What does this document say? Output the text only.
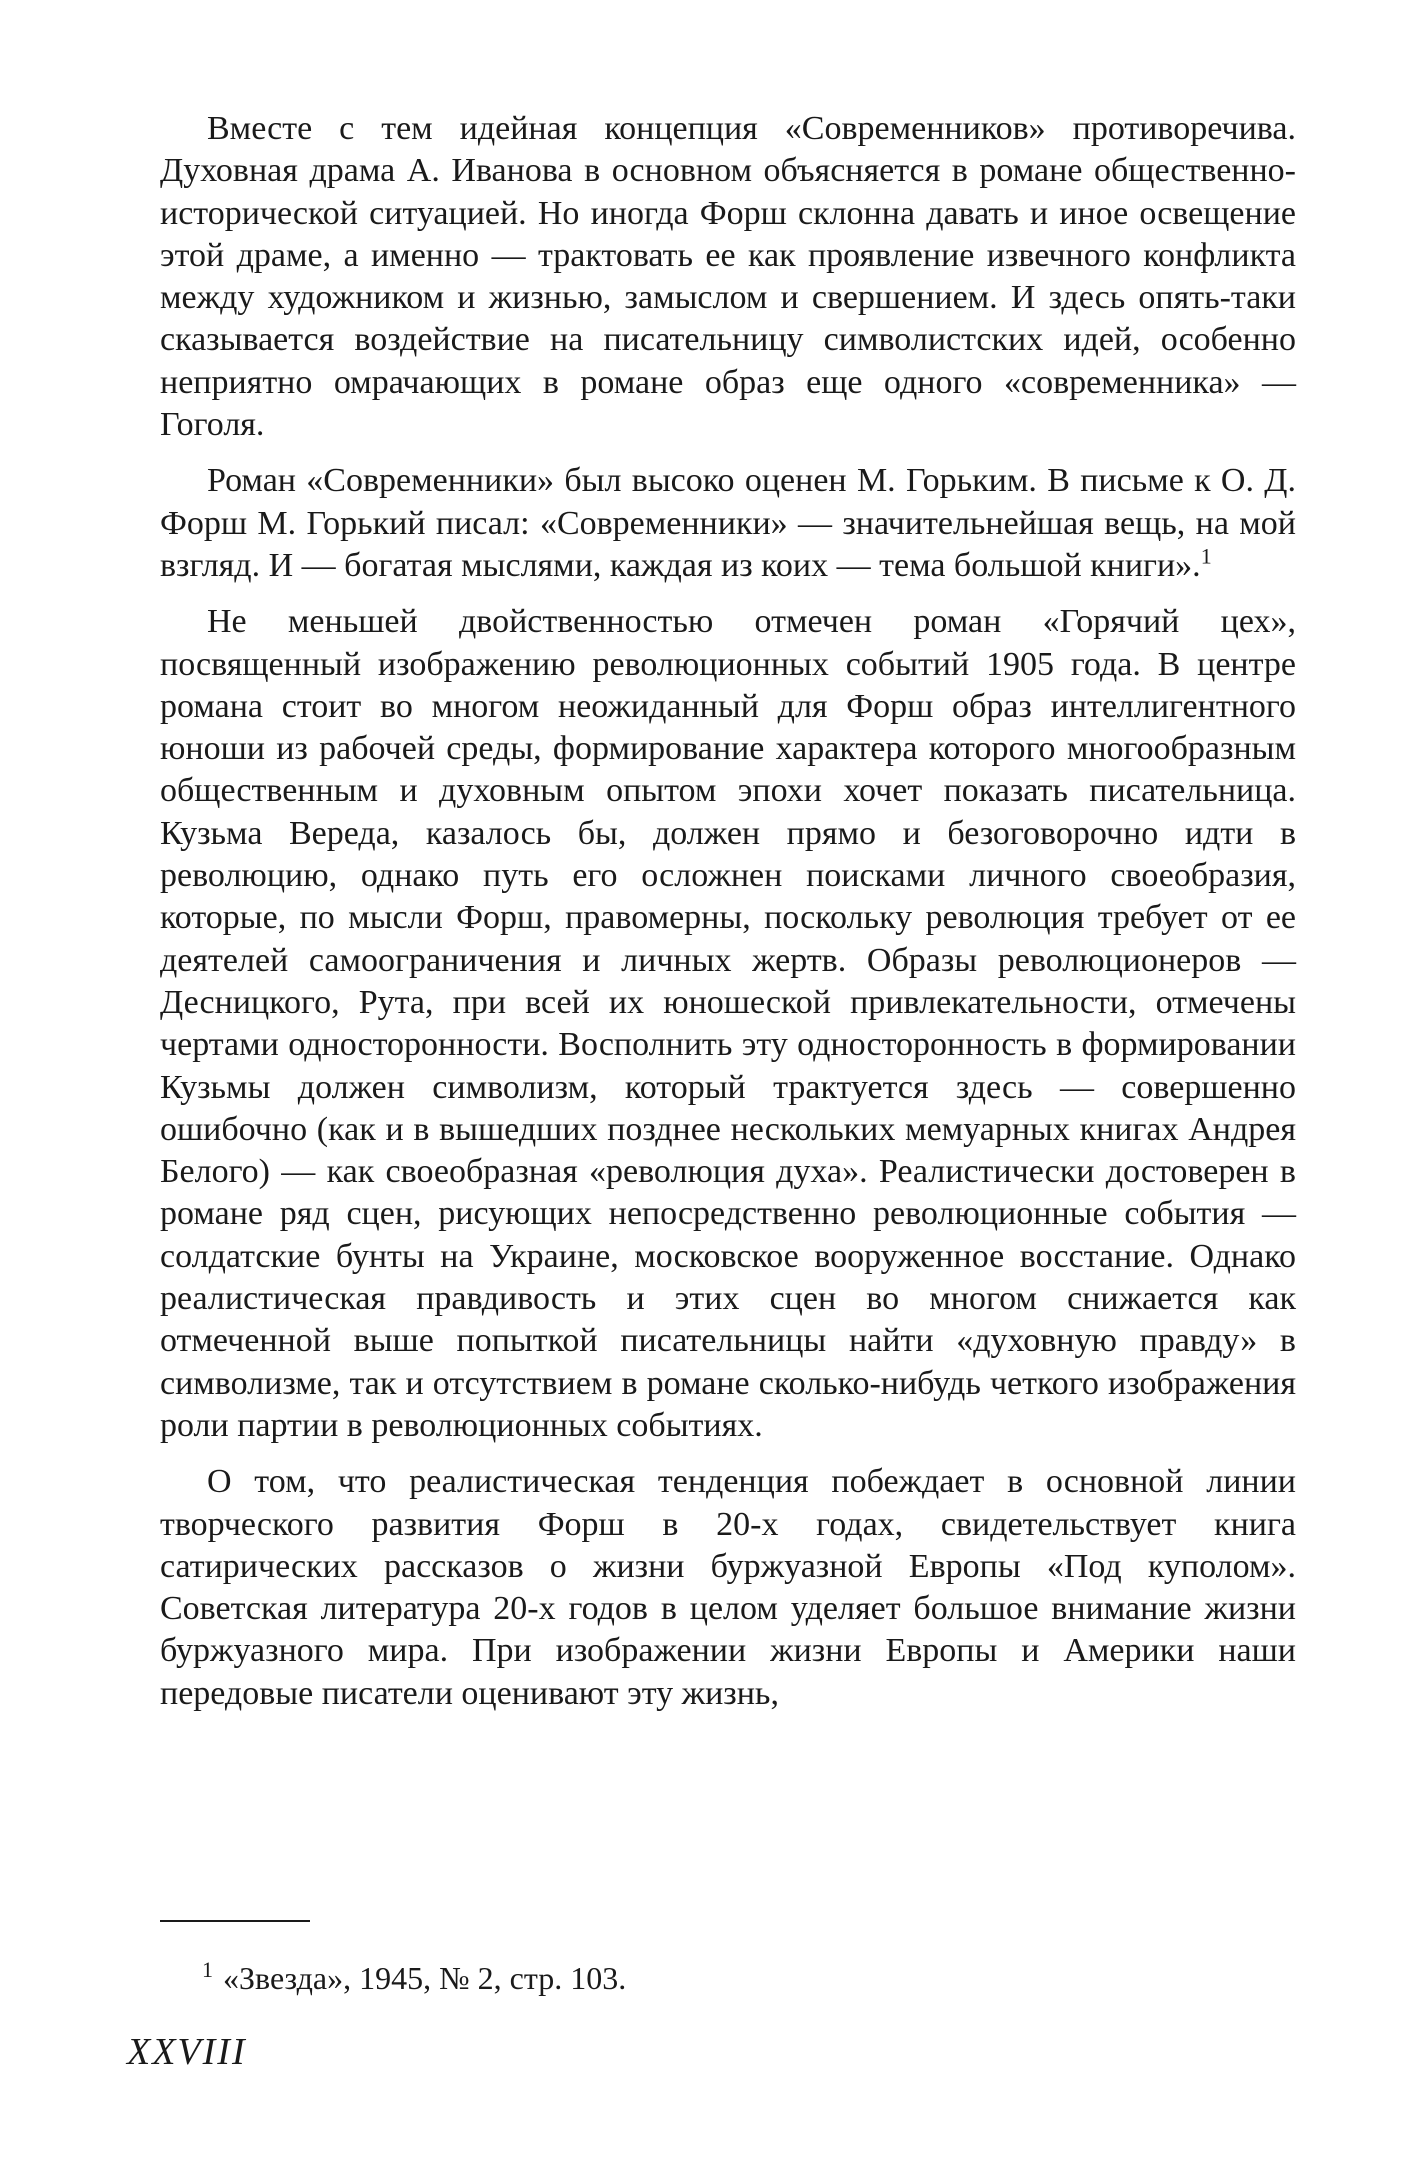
Вместе с тем идейная концепция «Современников» противоречива. Духовная драма А. Иванова в основном объясняется в романе общественно-исторической ситуацией. Но иногда Форш склонна давать и иное освещение этой драме, а именно — трактовать ее как проявление извечного конфликта между художником и жизнью, замыслом и свершением. И здесь опять-таки сказывается воздействие на писательницу символистских идей, особенно неприятно омрачающих в романе образ еще одного «современника» — Гоголя.

Роман «Современники» был высоко оценен М. Горьким. В письме к О. Д. Форш М. Горький писал: «Современники» — значительнейшая вещь, на мой взгляд. И — богатая мыслями, каждая из коих — тема большой книги».$^1$

Не меньшей двойственностью отмечен роман «Горячий цех», посвященный изображению революционных событий 1905 года. В центре романа стоит во многом неожиданный для Форш образ интеллигентного юноши из рабочей среды, формирование характера которого многообразным общественным и духовным опытом эпохи хочет показать писательница. Кузьма Вереда, казалось бы, должен прямо и безоговорочно идти в революцию, однако путь его осложнен поисками личного своеобразия, которые, по мысли Форш, правомерны, поскольку революция требует от ее деятелей самоограничения и личных жертв. Образы революционеров — Десницкого, Рута, при всей их юношеской привлекательности, отмечены чертами односторонности. Восполнить эту односторонность в формировании Кузьмы должен символизм, который трактуется здесь — совершенно ошибочно (как и в вышедших позднее нескольких мемуарных книгах Андрея Белого) — как своеобразная «революция духа». Реалистически достоверен в романе ряд сцен, рисующих непосредственно революционные события — солдатские бунты на Украине, московское вооруженное восстание. Однако реалистическая правдивость и этих сцен во многом снижается как отмеченной выше попыткой писательницы найти «духовную правду» в символизме, так и отсутствием в романе сколько-нибудь четкого изображения роли партии в революционных событиях.

О том, что реалистическая тенденция побеждает в основной линии творческого развития Форш в 20-х годах, свидетельствует книга сатирических рассказов о жизни буржуазной Европы «Под куполом». Советская литература 20-х годов в целом уделяет большое внимание жизни буржуазного мира. При изображении жизни Европы и Америки наши передовые писатели оценивают эту жизнь,

$^1$ «Звезда», 1945, № 2, стр. 103.
XXVIII
